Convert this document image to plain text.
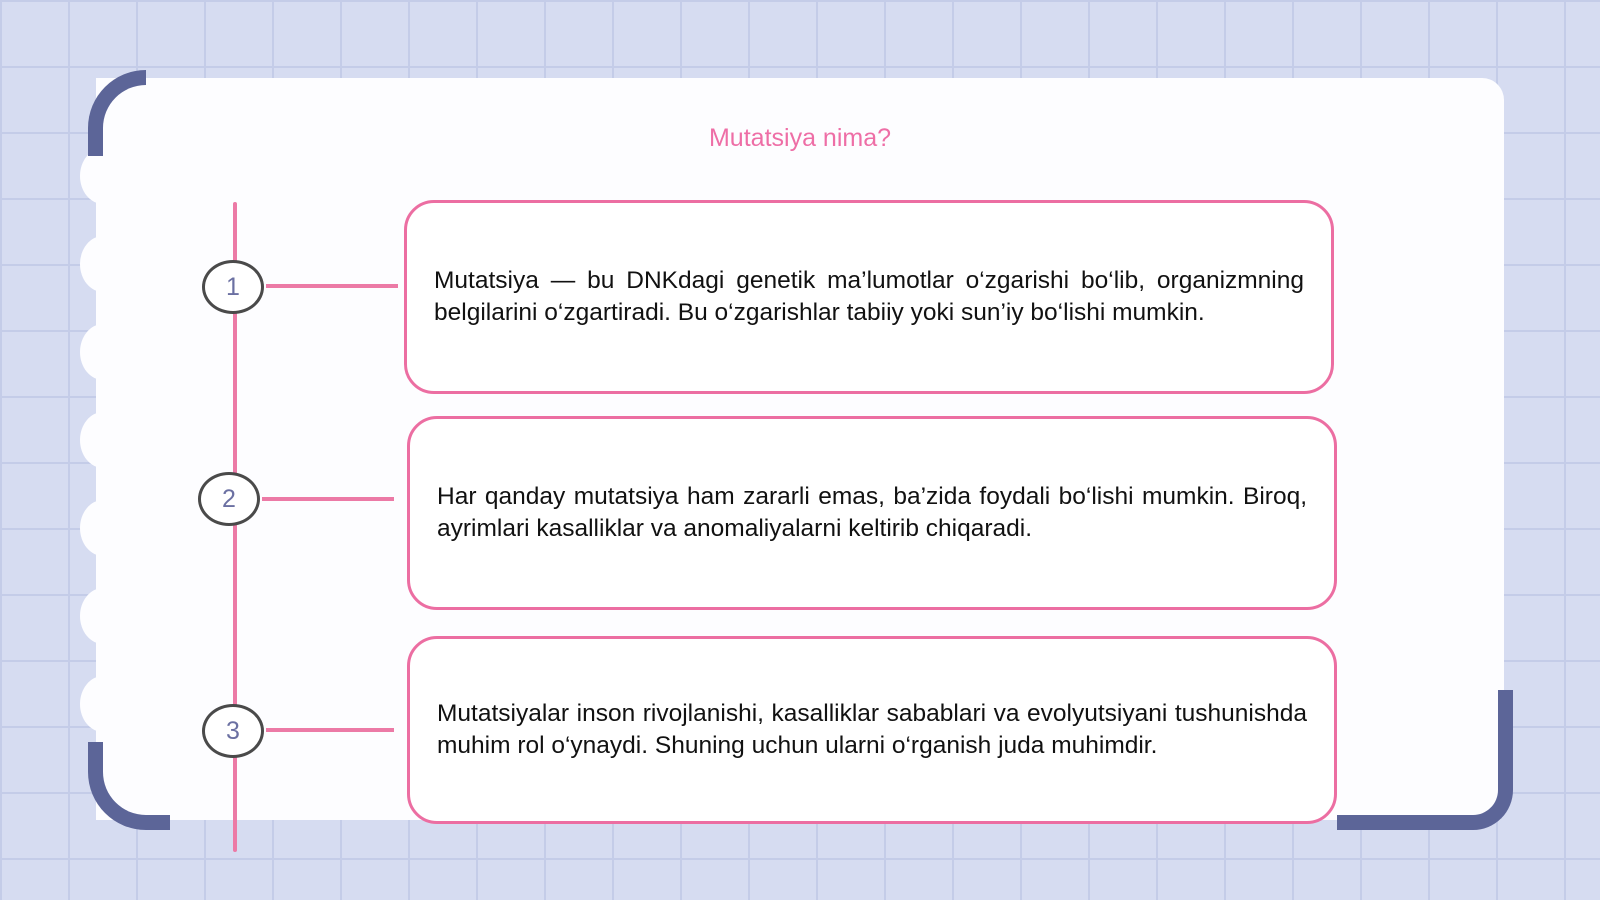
Mutatsiya nima?
1	Mutatsiya — bu DNKdagi genetik ma’lumotlar o‘zgarishi bo‘lib, organizmning belgilarini o‘zgartiradi. Bu o‘zgarishlar tabiiy yoki sun’iy bo‘lishi mumkin.

2	Har qanday mutatsiya ham zararli emas, ba’zida foydali bo‘lishi mumkin. Biroq, ayrimlari kasalliklar va anomaliyalarni keltirib chiqaradi.

3

Mutatsiyalar inson rivojlanishi, kasalliklar sabablari va evolyutsiyani tushunishda muhim rol o‘ynaydi. Shuning uchun ularni o‘rganish juda muhimdir.
